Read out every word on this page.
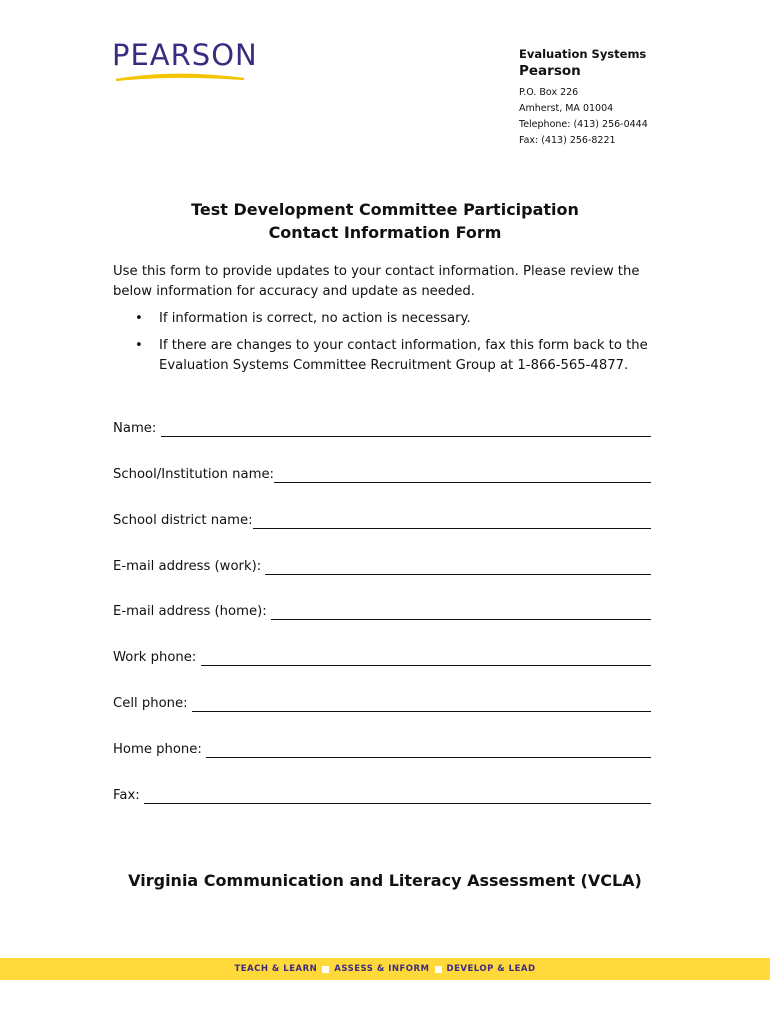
PEARSON	Evaluation Systems
Pearson
P.O. Box 226
Amherst, MA 01004
Telephone: (413) 256-0444
Fax: (413) 256-8221
Test Development Committee Participation
Contact Information Form

Use this form to provide updates to your contact information. Please review the below information for accuracy and update as needed.

• If information is correct, no action is necessary.
• If there are changes to your contact information, fax this form back to the Evaluation Systems Committee Recruitment Group at 1-866-565-4877.
Name:
School/Institution name:
School district name:
E-mail address (work):
E-mail address (home):
Work phone:
Cell phone:
Home phone:
Fax:
Virginia Communication and Literacy Assessment (VCLA)
TEACH & LEARN ASSESS & INFORM DEVELOP & LEAD
